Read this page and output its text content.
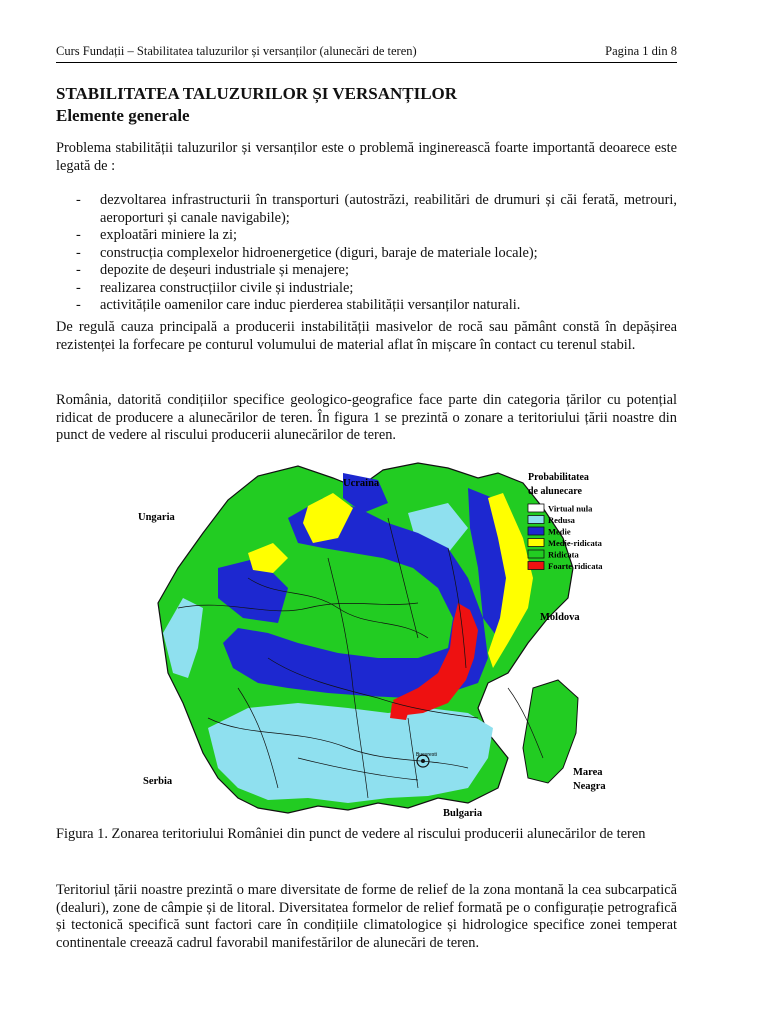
Curs Fundații – Stabilitatea taluzurilor și versanților (alunecări de teren)	Pagina 1 din 8
STABILITATEA TALUZURILOR ȘI VERSANȚILOR
Elemente generale
Problema stabilității taluzurilor și versanților este o problemă inginerească foarte importantă deoarece este legată de :
- dezvoltarea infrastructurii în transporturi (autostrăzi, reabilitări de drumuri și căi ferată, metrouri, aeroporturi și canale navigabile);
- exploatări miniere la zi;
- construcția complexelor hidroenergetice (diguri, baraje de materiale locale);
- depozite de deșeuri industriale și menajere;
- realizarea construcțiilor civile și industriale;
- activitățile oamenilor care induc pierderea stabilității versanților naturali.
De regulă cauza principală a producerii instabilității masivelor de rocă sau pământ constă în depășirea rezistenței la forfecare pe conturul volumului de material aflat în mișcare în contact cu terenul stabil.
România, datorită condițiilor specifice geologico-geografice face parte din categoria țărilor cu potențial ridicat de producere a alunecărilor de teren. În figura 1 se prezintă o zonare a teritoriului țării noastre din punct de vedere al riscului producerii alunecărilor de teren.
Ucraina
Ungaria
Moldova
Serbia
Bulgaria
Marea
Neagra
Bucuresti
Probabilitatea
de alunecare
Virtual nula
Redusa
Medie
Medie-ridicata
Ridicata
Foarte ridicata
Figura 1. Zonarea teritoriului României din punct de vedere al riscului producerii alunecărilor de teren
Teritoriul țării noastre prezintă o mare diversitate de forme de relief de la zona montană la cea subcarpatică (dealuri), zone de câmpie și de litoral. Diversitatea formelor de relief formată pe o configurație petrografică și tectonică specifică sunt factori care în condițiile climatologice și hidrologice specifice zonei temperat continentale creează cadrul favorabil manifestărilor de alunecări de teren.
